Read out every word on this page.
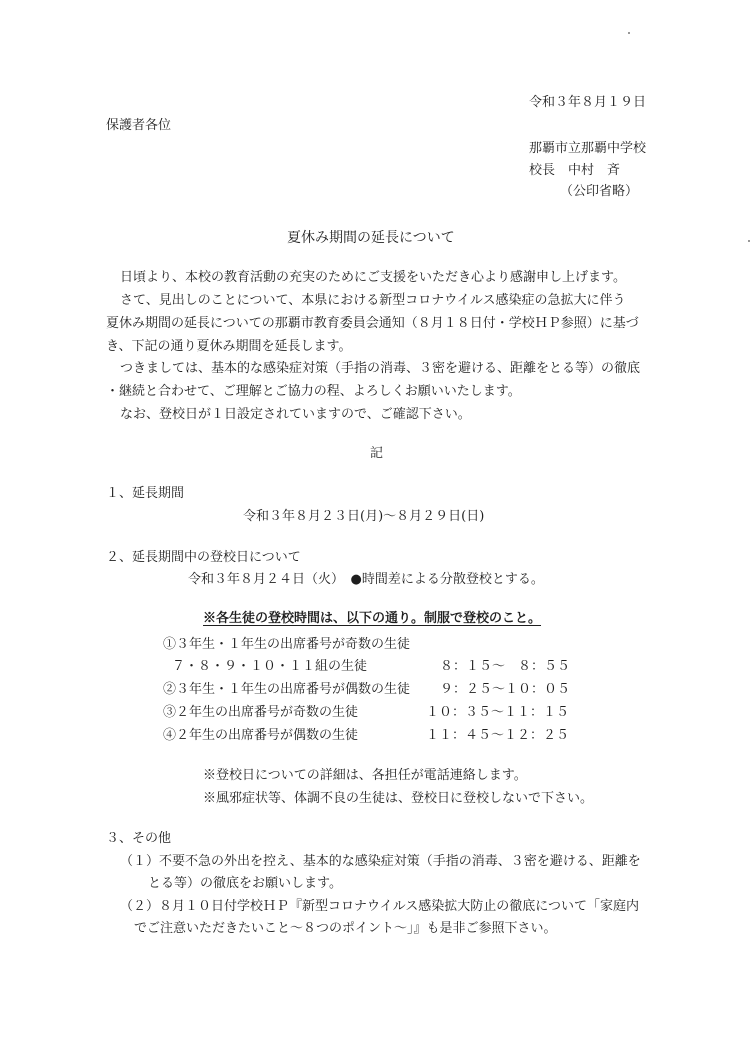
令和３年８月１９日
保護者各位
那覇市立那覇中学校
校長　中村　斉
（公印省略）
夏休み期間の延長について
日頃より、本校の教育活動の充実のためにご支援をいただき心より感謝申し上げます。
さて、見出しのことについて、本県における新型コロナウイルス感染症の急拡大に伴う
夏休み期間の延長についての那覇市教育委員会通知（８月１８日付・学校ＨＰ参照）に基づ
き、下記の通り夏休み期間を延長します。
つきましては、基本的な感染症対策（手指の消毒、３密を避ける、距離をとる等）の徹底
・継続と合わせて、ご理解とご協力の程、よろしくお願いいたします。
なお、登校日が１日設定されていますので、ご確認下さい。
記
１、延長期間
令和３年８月２３日(月)～８月２９日(日)
２、延長期間中の登校日について
令和３年８月２４日（火）　●時間差による分散登校とする。
※各生徒の登校時間は、以下の通り。制服で登校のこと。
①３年生・１年生の出席番号が奇数の生徒
７・８・９・１０・１１組の生徒	８：１５～　８：５５
②３年生・１年生の出席番号が偶数の生徒 ９：２５～１０：０５
③２年生の出席番号が奇数の生徒	１０：３５～１１：１５
④２年生の出席番号が偶数の生徒	１１：４５～１２：２５
※登校日についての詳細は、各担任が電話連絡します。
※風邪症状等、体調不良の生徒は、登校日に登校しないで下さい。
３、その他
（１）不要不急の外出を控え、基本的な感染症対策（手指の消毒、３密を避ける、距離を
とる等）の徹底をお願いします。
（２）８月１０日付学校ＨＰ『新型コロナウイルス感染拡大防止の徹底について「家庭内
でご注意いただきたいこと～８つのポイント～」』も是非ご参照下さい。
